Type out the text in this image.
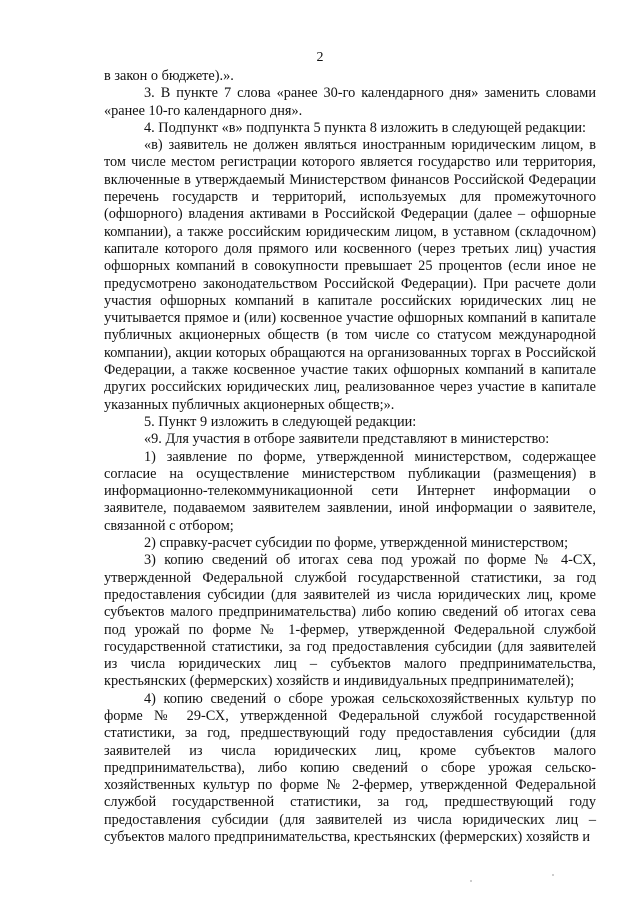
2

в закон о бюджете).».

3. В пункте 7 слова «ранее 30-го календарного дня» заменить словами «ранее 10-го календарного дня».

4. Подпункт «в» подпункта 5 пункта 8 изложить в следующей редакции:

«в) заявитель не должен являться иностранным юридическим лицом, в том числе местом регистрации которого является государство или территория, включенные в утверждаемый Министерством финансов Российской Федерации перечень государств и территорий, используемых для промежуточного (офшорного) владения активами в Российской Федерации (далее – офшорные компании), а также российским юридическим лицом, в уставном (складочном) капитале которого доля прямого или косвенного (через третьих лиц) участия офшорных компаний в совокупности превышает 25 процентов (если иное не предусмотрено законодательством Российской Федерации). При расчете доли участия офшорных компаний в капитале российских юридических лиц не учитывается прямое и (или) косвенное участие офшорных компаний в капитале публичных акционерных обществ (в том числе со статусом международной компании), акции которых обращаются на организованных торгах в Российской Федерации, а также косвенное участие таких офшорных компаний в капитале других российских юридических лиц, реализованное через участие в капитале указанных публичных акционерных обществ;».

5. Пункт 9 изложить в следующей редакции:

«9. Для участия в отборе заявители представляют в министерство:

1) заявление по форме, утвержденной министерством, содержащее согласие на осуществление министерством публикации (размещения) в информационно-телекоммуникационной сети Интернет информации о заявителе, подаваемом заявителем заявлении, иной информации о заявителе, связанной с отбором;

2) справку-расчет субсидии по форме, утвержденной министерством;

3) копию сведений об итогах сева под урожай по форме № 4-СХ, утвержденной Федеральной службой государственной статистики, за год предоставления субсидии (для заявителей из числа юридических лиц, кроме субъектов малого предпринимательства) либо копию сведений об итогах сева под урожай по форме № 1-фермер, утвержденной Федеральной службой государственной статистики, за год предоставления субсидии (для заявителей из числа юридических лиц – субъектов малого предпринимательства, крестьянских (фермерских) хозяйств и индивидуальных предпринимателей);

4) копию сведений о сборе урожая сельскохозяйственных культур по форме № 29-СХ, утвержденной Федеральной службой государственной статистики, за год, предшествующий году предоставления субсидии (для заявителей из числа юридических лиц, кроме субъектов малого предпринимательства), либо копию сведений о сборе урожая сельско-хозяйственных культур по форме № 2-фермер, утвержденной Федеральной службой государственной статистики, за год, предшествующий году предоставления субсидии (для заявителей из числа юридических лиц – субъектов малого предпринимательства, крестьянских (фермерских) хозяйств и
